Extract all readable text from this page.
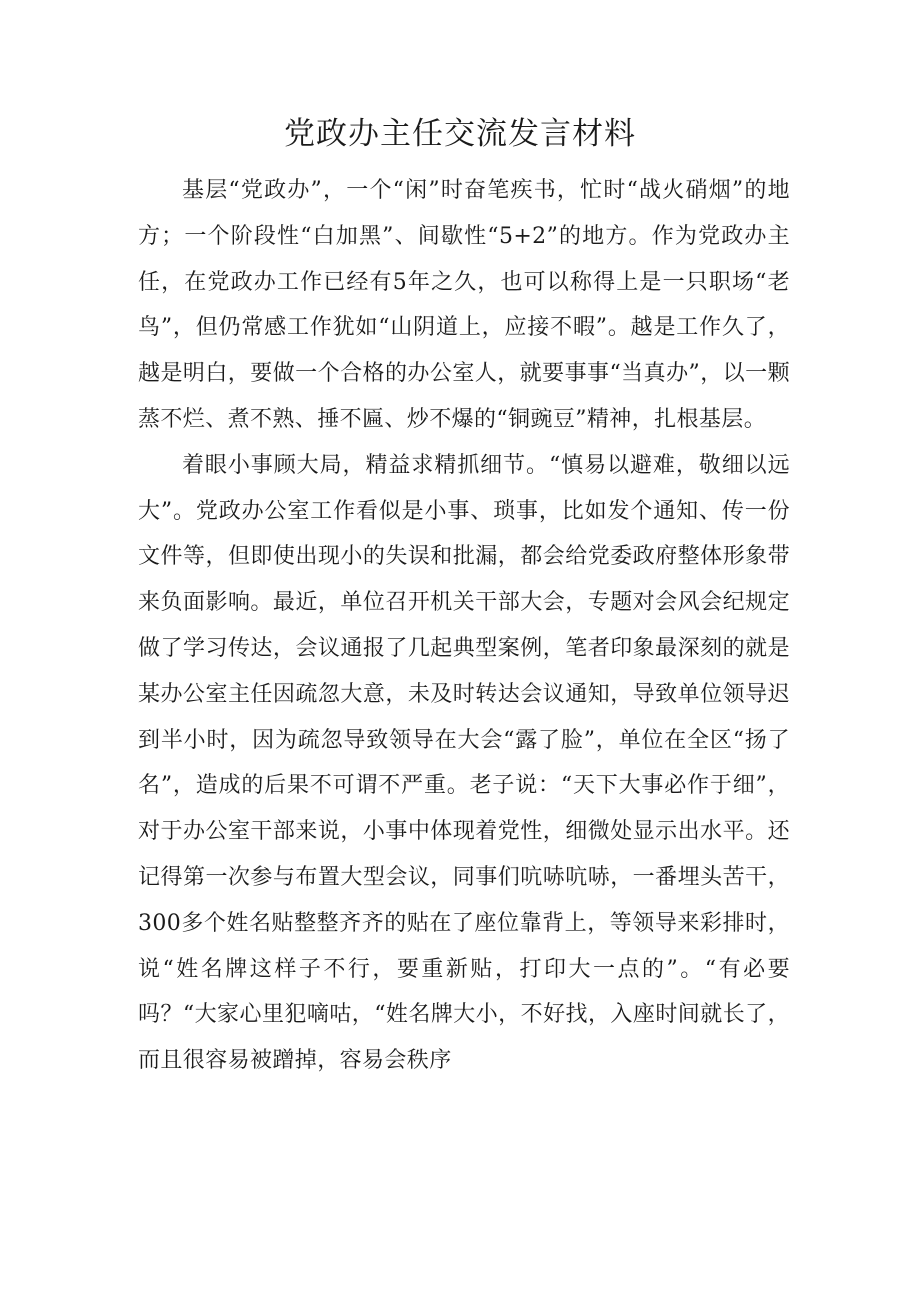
党政办主任交流发言材料

基层“党政办”，一个“闲”时奋笔疾书，忙时“战火硝烟”的地方；一个阶段性“白加黑”、间歇性“5+2”的地方。作为党政办主任，在党政办工作已经有5年之久，也可以称得上是一只职场“老鸟”，但仍常感工作犹如“山阴道上，应接不暇”。越是工作久了，越是明白，要做一个合格的办公室人，就要事事“当真办”，以一颗蒸不烂、煮不熟、捶不匾、炒不爆的“铜豌豆”精神，扎根基层。

着眼小事顾大局，精益求精抓细节。“慎易以避难，敬细以远大”。党政办公室工作看似是小事、琐事，比如发个通知、传一份文件等，但即使出现小的失误和批漏，都会给党委政府整体形象带来负面影响。最近，单位召开机关干部大会，专题对会风会纪规定做了学习传达，会议通报了几起典型案例，笔者印象最深刻的就是某办公室主任因疏忽大意，未及时转达会议通知，导致单位领导迟到半小时，因为疏忽导致领导在大会“露了脸”，单位在全区“扬了名”，造成的后果不可谓不严重。老子说：“天下大事必作于细”，对于办公室干部来说，小事中体现着党性，细微处显示出水平。还记得第一次参与布置大型会议，同事们吭哧吭哧，一番埋头苦干，300多个姓名贴整整齐齐的贴在了座位靠背上，等领导来彩排时，说“姓名牌这样子不行，要重新贴，打印大一点的”。“有必要吗？“大家心里犯嘀咕，“姓名牌大小，不好找，入座时间就长了，而且很容易被蹭掉，容易会秩序
